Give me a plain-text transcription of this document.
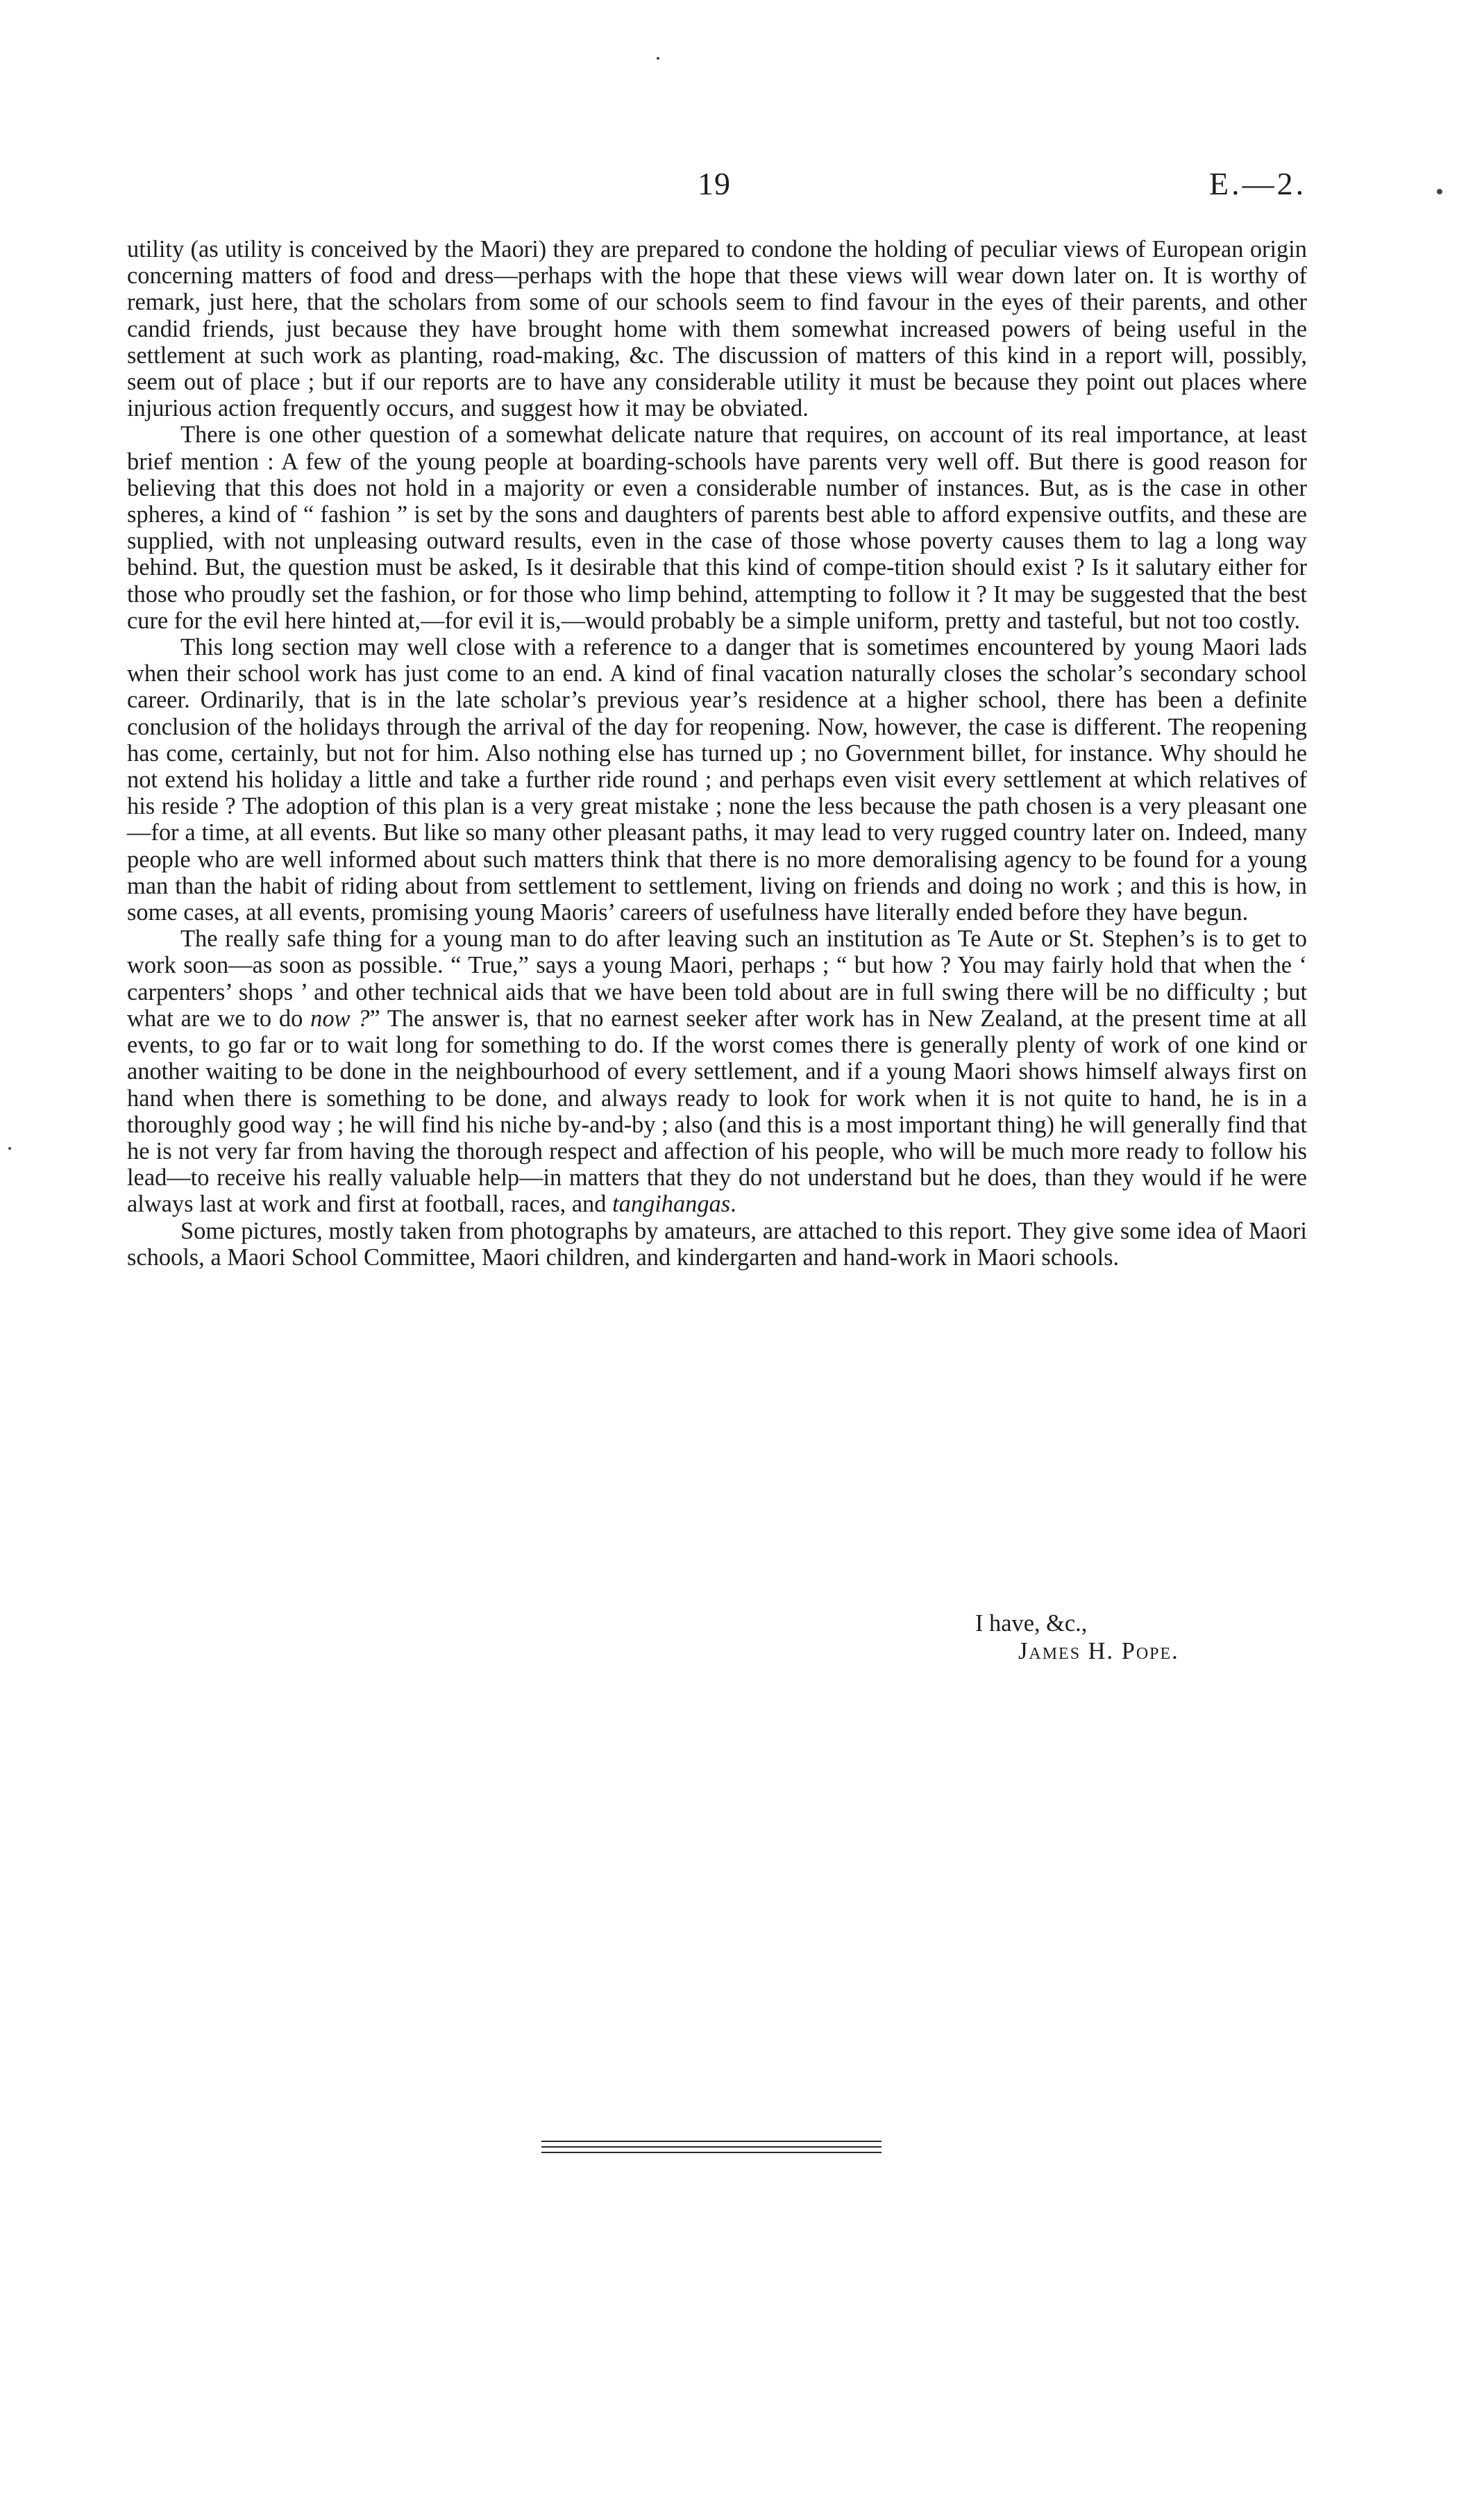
19	E.—2.

utility (as utility is conceived by the Maori) they are prepared to condone the holding of peculiar views of European origin concerning matters of food and dress—perhaps with the hope that these views will wear down later on. It is worthy of remark, just here, that the scholars from some of our schools seem to find favour in the eyes of their parents, and other candid friends, just because they have brought home with them somewhat increased powers of being useful in the settlement at such work as planting, road-making, &c. The discussion of matters of this kind in a report will, possibly, seem out of place ; but if our reports are to have any considerable utility it must be because they point out places where injurious action frequently occurs, and suggest how it may be obviated.

There is one other question of a somewhat delicate nature that requires, on account of its real importance, at least brief mention : A few of the young people at boarding-schools have parents very well off. But there is good reason for believing that this does not hold in a majority or even a considerable number of instances. But, as is the case in other spheres, a kind of “ fashion ” is set by the sons and daughters of parents best able to afford expensive outfits, and these are supplied, with not unpleasing outward results, even in the case of those whose poverty causes them to lag a long way behind. But, the question must be asked, Is it desirable that this kind of compe-tition should exist ? Is it salutary either for those who proudly set the fashion, or for those who limp behind, attempting to follow it ? It may be suggested that the best cure for the evil here hinted at,—for evil it is,—would probably be a simple uniform, pretty and tasteful, but not too costly.

This long section may well close with a reference to a danger that is sometimes encountered by young Maori lads when their school work has just come to an end. A kind of final vacation naturally closes the scholar’s secondary school career. Ordinarily, that is in the late scholar’s previous year’s residence at a higher school, there has been a definite conclusion of the holidays through the arrival of the day for reopening. Now, however, the case is different. The reopening has come, certainly, but not for him. Also nothing else has turned up ; no Government billet, for instance. Why should he not extend his holiday a little and take a further ride round ; and perhaps even visit every settlement at which relatives of his reside ? The adoption of this plan is a very great mistake ; none the less because the path chosen is a very pleasant one—for a time, at all events. But like so many other pleasant paths, it may lead to very rugged country later on. Indeed, many people who are well informed about such matters think that there is no more demoralising agency to be found for a young man than the habit of riding about from settlement to settlement, living on friends and doing no work ; and this is how, in some cases, at all events, promising young Maoris’ careers of usefulness have literally ended before they have begun.

The really safe thing for a young man to do after leaving such an institution as Te Aute or St. Stephen’s is to get to work soon—as soon as possible. “ True,” says a young Maori, perhaps ; “ but how ? You may fairly hold that when the ‘ carpenters’ shops ’ and other technical aids that we have been told about are in full swing there will be no difficulty ; but what are we to do now ?” The answer is, that no earnest seeker after work has in New Zealand, at the present time at all events, to go far or to wait long for something to do. If the worst comes there is generally plenty of work of one kind or another waiting to be done in the neighbourhood of every settlement, and if a young Maori shows himself always first on hand when there is something to be done, and always ready to look for work when it is not quite to hand, he is in a thoroughly good way ; he will find his niche by-and-by ; also (and this is a most important thing) he will generally find that he is not very far from having the thorough respect and affection of his people, who will be much more ready to follow his lead—to receive his really valuable help—in matters that they do not understand but he does, than they would if he were always last at work and first at football, races, and tangihangas.

Some pictures, mostly taken from photographs by amateurs, are attached to this report. They give some idea of Maori schools, a Maori School Committee, Maori children, and kindergarten and hand-work in Maori schools.

I have, &c.,
James H. Pope.
